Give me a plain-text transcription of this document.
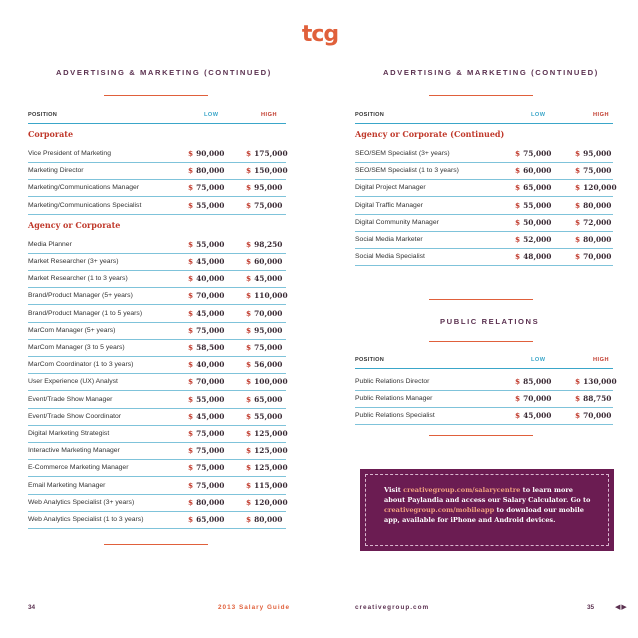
tcg
ADVERTISING & MARKETING (CONTINUED)
POSITION	LOW	HIGH
Corporate
Vice President of Marketing	$ 90,000	$ 175,000
Marketing Director	$ 80,000	$ 150,000
Marketing/Communications Manager	$ 75,000	$ 95,000
Marketing/Communications Specialist	$ 55,000	$ 75,000
Agency or Corporate
Media Planner	$ 55,000	$ 98,250
Market Researcher (3+ years)	$ 45,000	$ 60,000
Market Researcher (1 to 3 years)	$ 40,000	$ 45,000
Brand/Product Manager (5+ years)	$ 70,000	$ 110,000
Brand/Product Manager (1 to 5 years)	$ 45,000	$ 70,000
MarCom Manager (5+ years)	$ 75,000	$ 95,000
MarCom Manager (3 to 5 years)	$ 58,500	$ 75,000
MarCom Coordinator (1 to 3 years)	$ 40,000	$ 56,000
User Experience (UX) Analyst	$ 70,000	$ 100,000
Event/Trade Show Manager	$ 55,000	$ 65,000
Event/Trade Show Coordinator	$ 45,000	$ 55,000
Digital Marketing Strategist	$ 75,000	$ 125,000
Interactive Marketing Manager	$ 75,000	$ 125,000
E-Commerce Marketing Manager	$ 75,000	$ 125,000
Email Marketing Manager	$ 75,000	$ 115,000
Web Analytics Specialist (3+ years)	$ 80,000	$ 120,000
Web Analytics Specialist (1 to 3 years)	$ 65,000	$ 80,000
34	2013 Salary Guide
ADVERTISING & MARKETING (CONTINUED)
POSITION	LOW	HIGH
Agency or Corporate (Continued)
SEO/SEM Specialist (3+ years)	$ 75,000	$ 95,000
SEO/SEM Specialist (1 to 3 years)	$ 60,000	$ 75,000
Digital Project Manager	$ 65,000	$ 120,000
Digital Traffic Manager	$ 55,000	$ 80,000
Digital Community Manager	$ 50,000	$ 72,000
Social Media Marketer	$ 52,000	$ 80,000
Social Media Specialist	$ 48,000	$ 70,000
PUBLIC RELATIONS
POSITION	LOW	HIGH
Public Relations Director	$ 85,000	$ 130,000
Public Relations Manager	$ 70,000	$ 88,750
Public Relations Specialist	$ 45,000	$ 70,000
creativegroup.com	35

Visit creativegroup.com/salarycentre to learn more about Paylandia and access our Salary Calculator. Go to creativegroup.com/mobileapp to download our mobile app, available for iPhone and Android devices.

◀▶
